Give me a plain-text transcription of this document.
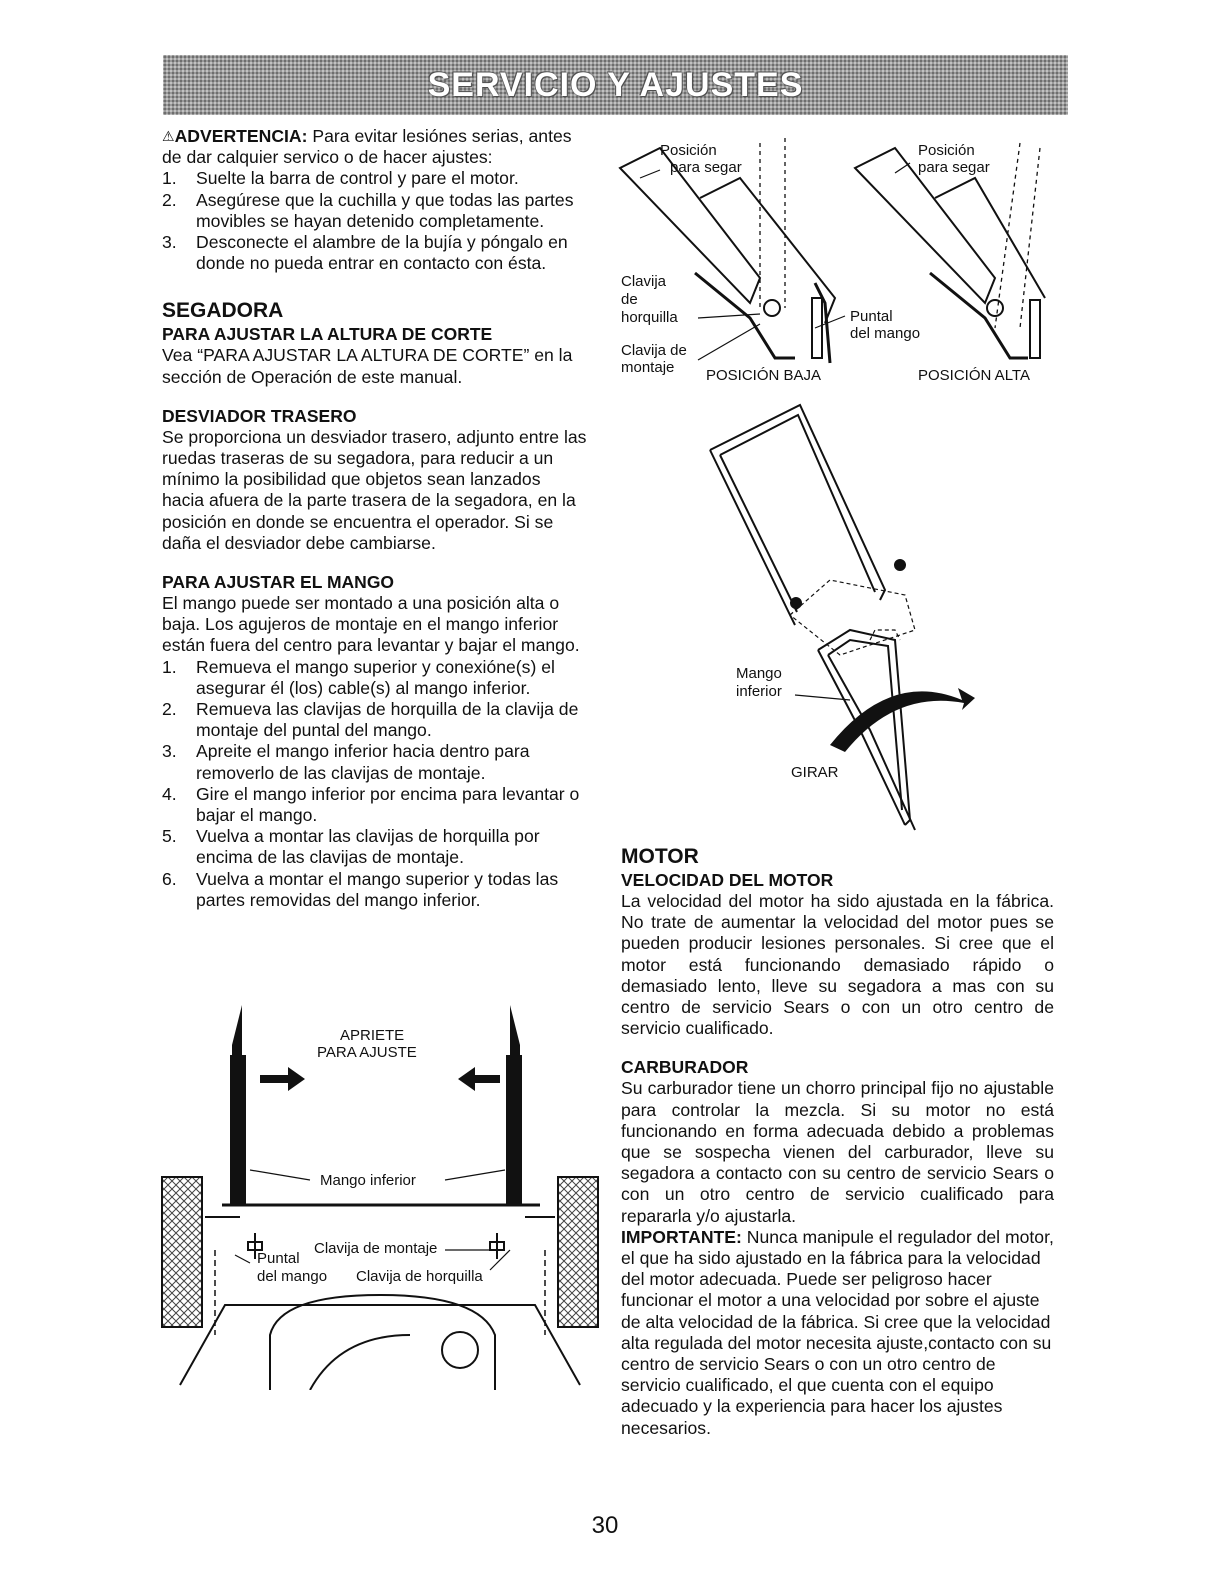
SERVICIO Y AJUSTES

⚠ADVERTENCIA: Para evitar lesiónes serias, antes de dar calquier servico o de hacer ajustes:

1. Suelte la barra de control y pare el motor.
2. Asegúrese que la cuchilla y que todas las partes movibles se hayan detenido completamente.
3. Desconecte el alambre de la bujía y póngalo en donde no pueda entrar en contacto con ésta.
SEGADORA
PARA AJUSTAR LA ALTURA DE CORTE

Vea “PARA AJUSTAR LA ALTURA DE CORTE” en la sección de Operación de este manual.

DESVIADOR TRASERO

Se proporciona un desviador trasero, adjunto entre las ruedas traseras de su segadora, para reducir a un mínimo la posibilidad que objetos sean lanzados hacia afuera de la parte trasera de la segadora, en la posición en donde se encuentra el operador. Si se daña el desviador debe cambiarse.

PARA AJUSTAR EL MANGO

El mango puede ser montado a una posición alta o baja. Los agujeros de montaje en el mango inferior están fuera del centro para levantar y bajar el mango.

1. Remueva el mango superior y conexióne(s) el asegurar él (los) cable(s) al mango inferior.
2. Remueva las clavijas de horquilla de la clavija de montaje del puntal del mango.
3. Apreite el mango inferior hacia dentro para removerlo de las clavijas de montaje.
4. Gire el mango inferior por encima para levantar o bajar el mango.
5. Vuelva a montar las clavijas de horquilla por encima de las clavijas de montaje.
6. Vuelva a montar el mango superior y todas las partes removidas del mango inferior.
Posición
para segar
Posición
para segar
Clavija
de
horquilla
Clavija de
montaje
Puntal
del mango
POSICIÓN BAJA	POSICIÓN ALTA
Mango
inferior
GIRAR
APRIETE
PARA AJUSTE
Mango inferior
Clavija de montaje
Puntal
del mango Clavija de horquilla
MOTOR
VELOCIDAD DEL MOTOR

La velocidad del motor ha sido ajustada en la fábrica. No trate de aumentar la velocidad del motor pues se pueden producir lesiones personales. Si cree que el motor está funcionando demasiado rápido o demasiado lento, lleve su segadora a mas con su centro de servicio Sears o con un otro centro de servicio cualificado.

CARBURADOR

Su carburador tiene un chorro principal fijo no ajustable para controlar la mezcla. Si su motor no está funcionando en forma adecuada debido a problemas que se sospecha vienen del carburador, lleve su segadora a contacto con su centro de servicio Sears o con un otro centro de servicio cualificado para repararla y/o ajustarla.

IMPORTANTE: Nunca manipule el regulador del motor, el que ha sido ajustado en la fábrica para la velocidad del motor adecuada. Puede ser peligroso hacer funcionar el motor a una velocidad por sobre el ajuste de alta velocidad de la fábrica. Si cree que la velocidad alta regulada del motor necesita ajuste,contacto con su centro de servicio Sears o con un otro centro de servicio cualificado, el que cuenta con el equipo adecuado y la experiencia para hacer los ajustes necesarios.

30
